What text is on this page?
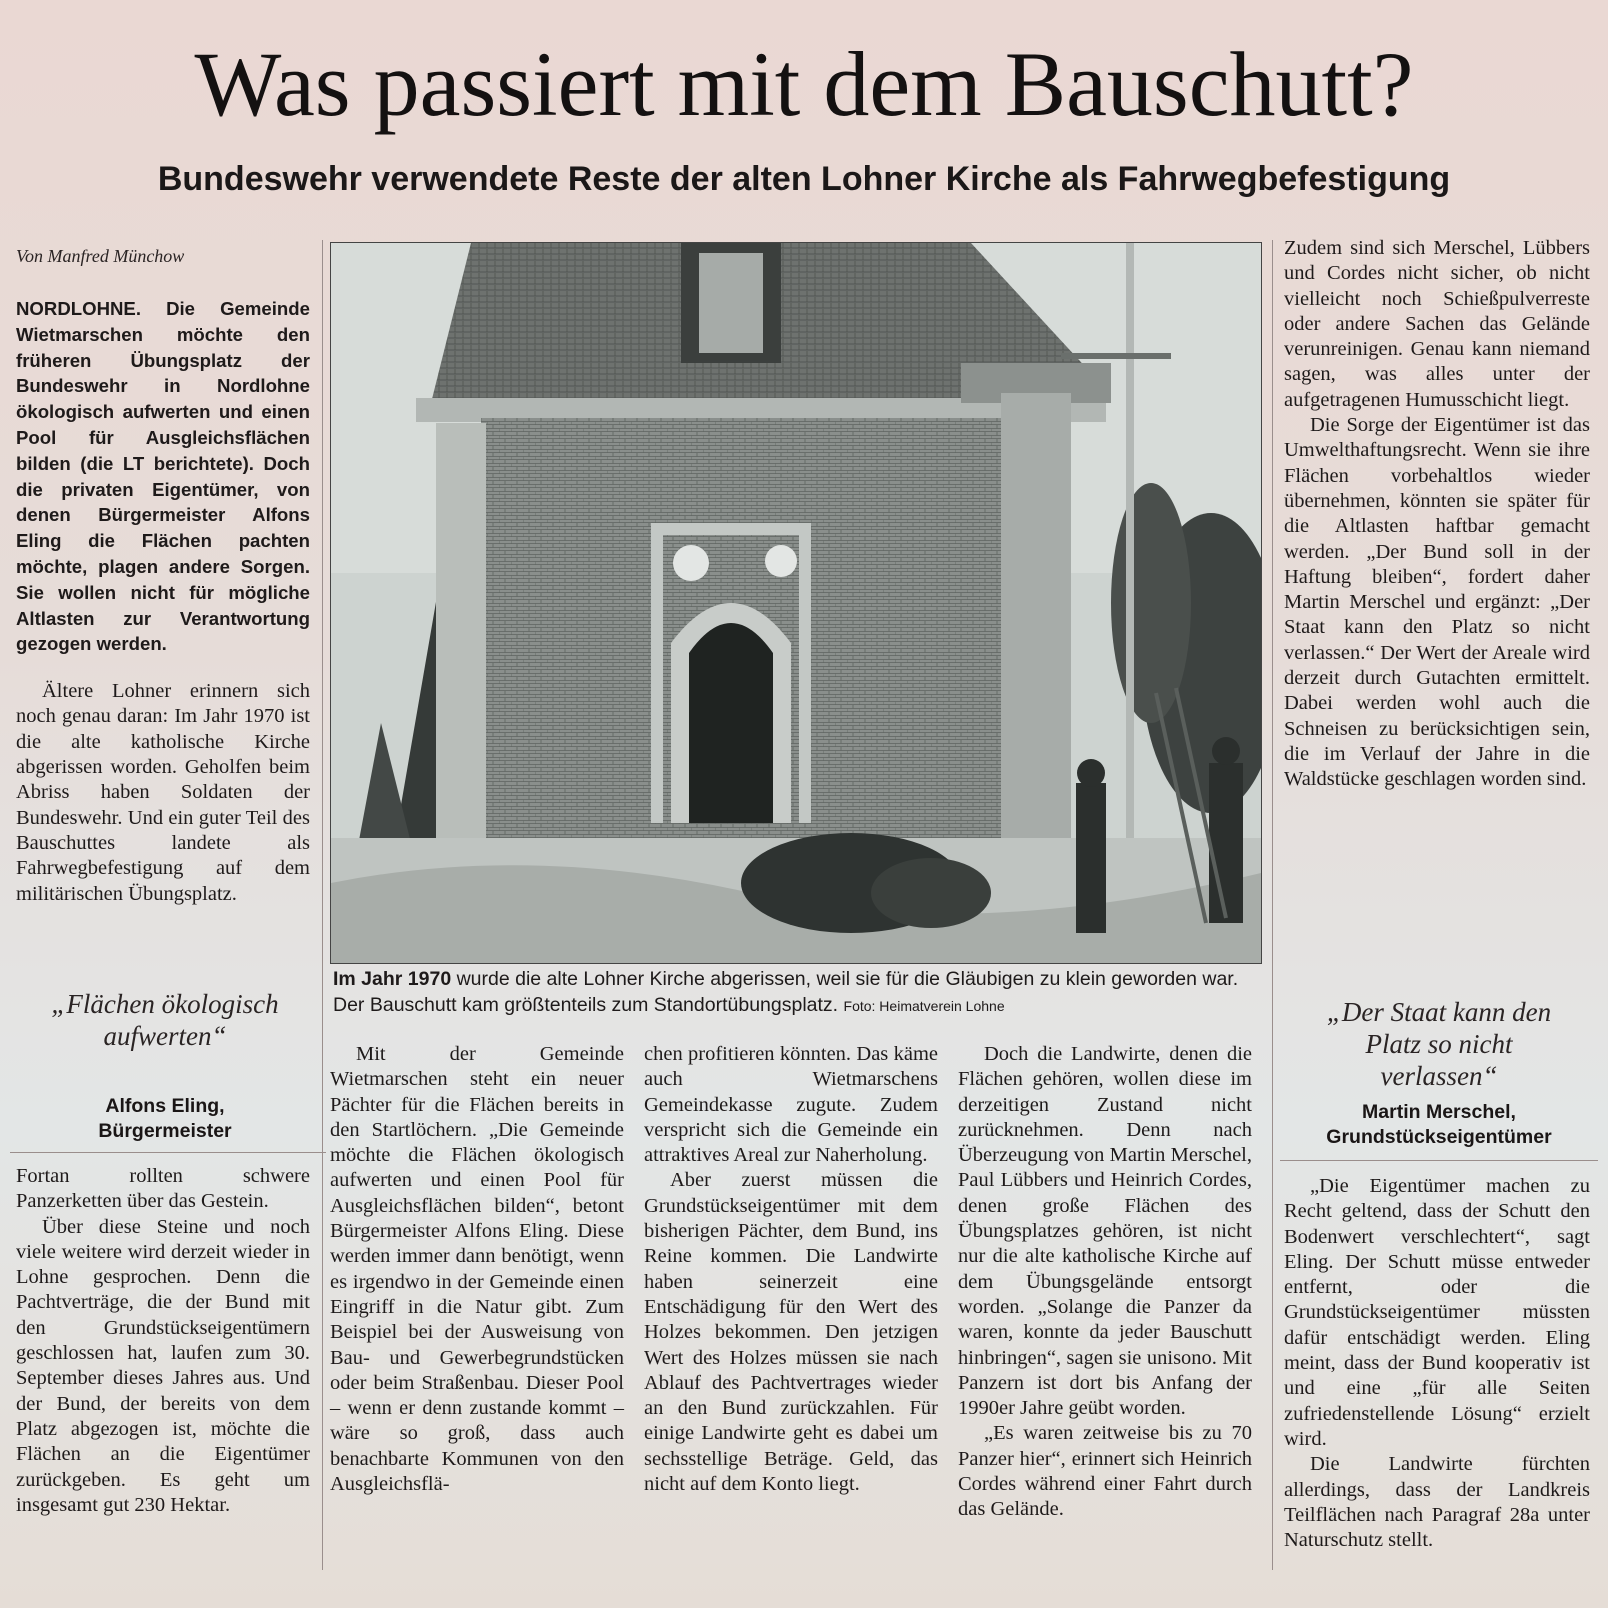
Was passiert mit dem Bauschutt?
Bundeswehr verwendete Reste der alten Lohner Kirche als Fahrwegbefestigung
Von Manfred Münchow

NORDLOHNE. Die Gemeinde Wietmarschen möchte den früheren Übungsplatz der Bundeswehr in Nordlohne ökologisch aufwerten und einen Pool für Ausgleichsflächen bilden (die LT berichtete). Doch die privaten Eigentümer, von denen Bürgermeister Alfons Eling die Flächen pachten möchte, plagen andere Sorgen. Sie wollen nicht für mögliche Altlasten zur Verantwortung gezogen werden.

Ältere Lohner erinnern sich noch genau daran: Im Jahr 1970 ist die alte katholische Kirche abgerissen worden. Geholfen beim Abriss haben Soldaten der Bundeswehr. Und ein guter Teil des Bauschuttes landete als Fahrwegbefestigung auf dem militärischen Übungsplatz.

„Flächen ökologisch aufwerten“
Alfons Eling,
Bürgermeister

Fortan rollten schwere Panzerketten über das Gestein.

Über diese Steine und noch viele weitere wird derzeit wieder in Lohne gesprochen. Denn die Pachtverträge, die der Bund mit den Grundstückseigentümern geschlossen hat, laufen zum 30. September dieses Jahres aus. Und der Bund, der bereits von dem Platz abgezogen ist, möchte die Flächen an die Eigentümer zurückgeben. Es geht um insgesamt gut 230 Hektar.

Im Jahr 1970 wurde die alte Lohner Kirche abgerissen, weil sie für die Gläubigen zu klein geworden war. Der Bauschutt kam größtenteils zum Standortübungsplatz. Foto: Heimatverein Lohne

Mit der Gemeinde Wietmarschen steht ein neuer Pächter für die Flächen bereits in den Startlöchern. „Die Gemeinde möchte die Flächen ökologisch aufwerten und einen Pool für Ausgleichsflächen bilden“, betont Bürgermeister Alfons Eling. Diese werden immer dann benötigt, wenn es irgendwo in der Gemeinde einen Eingriff in die Natur gibt. Zum Beispiel bei der Ausweisung von Bau- und Gewerbegrundstücken oder beim Straßenbau. Dieser Pool – wenn er denn zustande kommt – wäre so groß, dass auch benachbarte Kommunen von den Ausgleichsflä-

chen profitieren könnten. Das käme auch Wietmarschens Gemeindekasse zugute. Zudem verspricht sich die Gemeinde ein attraktives Areal zur Naherholung.

Aber zuerst müssen die Grundstückseigentümer mit dem bisherigen Pächter, dem Bund, ins Reine kommen. Die Landwirte haben seinerzeit eine Entschädigung für den Wert des Holzes bekommen. Den jetzigen Wert des Holzes müssen sie nach Ablauf des Pachtvertrages wieder an den Bund zurückzahlen. Für einige Landwirte geht es dabei um sechsstellige Beträge. Geld, das nicht auf dem Konto liegt.

Doch die Landwirte, denen die Flächen gehören, wollen diese im derzeitigen Zustand nicht zurücknehmen. Denn nach Überzeugung von Martin Merschel, Paul Lübbers und Heinrich Cordes, denen große Flächen des Übungsplatzes gehören, ist nicht nur die alte katholische Kirche auf dem Übungsgelände entsorgt worden. „Solange die Panzer da waren, konnte da jeder Bauschutt hinbringen“, sagen sie unisono. Mit Panzern ist dort bis Anfang der 1990er Jahre geübt worden.

„Es waren zeitweise bis zu 70 Panzer hier“, erinnert sich Heinrich Cordes während einer Fahrt durch das Gelände.

Zudem sind sich Merschel, Lübbers und Cordes nicht sicher, ob nicht vielleicht noch Schießpulverreste oder andere Sachen das Gelände verunreinigen. Genau kann niemand sagen, was alles unter der aufgetragenen Humusschicht liegt.

Die Sorge der Eigentümer ist das Umwelthaftungsrecht. Wenn sie ihre Flächen vorbehaltlos wieder übernehmen, könnten sie später für die Altlasten haftbar gemacht werden. „Der Bund soll in der Haftung bleiben“, fordert daher Martin Merschel und ergänzt: „Der Staat kann den Platz so nicht verlassen.“ Der Wert der Areale wird derzeit durch Gutachten ermittelt. Dabei werden wohl auch die Schneisen zu berücksichtigen sein, die im Verlauf der Jahre in die Waldstücke geschlagen worden sind.

„Der Staat kann den Platz so nicht verlassen“
Martin Merschel,
Grundstückseigentümer

„Die Eigentümer machen zu Recht geltend, dass der Schutt den Bodenwert verschlechtert“, sagt Eling. Der Schutt müsse entweder entfernt, oder die Grundstückseigentümer müssten dafür entschädigt werden. Eling meint, dass der Bund kooperativ ist und eine „für alle Seiten zufriedenstellende Lösung“ erzielt wird.

Die Landwirte fürchten allerdings, dass der Landkreis Teilflächen nach Paragraf 28a unter Naturschutz stellt.
